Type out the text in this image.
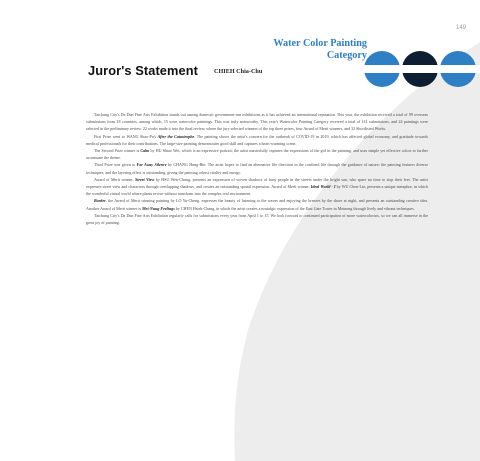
149
Water Color Painting
Category
Juror's Statement	CHIEH Chia-Chu

Taichung City's Da Dun Fine Arts Exhibition stands out among domestic government-run exhibitions as it has achieved an international reputation. This year, the exhibition received a total of 99 overseas submissions from 18 countries, among which, 15 were watercolor paintings. This was truly noteworthy. This year's Watercolor Painting Category received a total of 141 submissions, and 24 paintings were selected in the preliminary review. 22 works made it into the final review, where the jury selected winners of the top three prizes, four Award of Merit winners, and 32 Shortlisted Works.

First Prize went to WANG Shao-Pu's After the Catastrophe. The painting shows the artist's concern for the outbreak of COVID-19 in 2019, which has affected global economy, and gratitude towards medical professionals for their contributions. The large-size painting demonstrates good skill and captures a heart-warming scene.

The Second Prize winner is Calm by HU Shiao Wei, which is an expressive portrait; the artist masterfully captures the expressions of the girl in the painting, and uses simple yet effective colors to further accentuate the theme.

Third Prize was given to Far Away Silence by CHANG Hung-Bin. The artist hopes to find an alternative life direction in the confined life through the guidance of nature; the painting features diverse techniques, and the layering effect is outstanding, giving the painting robust vitality and energy.

Award of Merit winner, Street View by HSU Wen-Chung, presents an expression of woven shadows of busy people in the streets under the bright sun, who spare no time to stop their feet. The artist expresses street view and characters through overlapping shadows, and creates an outstanding spatial expression. Award of Merit winner, Ideal World - I by WU Chen-Lin, presents a unique metaphor, in which the wonderful virtual world where plants revive without transform into the complex real environment.

Border, the Award of Merit winning painting by LO Yu-Cheng, expresses the beauty of listening to the waves and enjoying the breezes by the shore at night, and presents an outstanding creative idea. Another Award of Merit winner is Mei-Nung Feelings by CHEN Hsieh-Chang, in which the artist creates a nostalgic expression of the East Gate Tower in Meinong through lively and vibrant techniques.

Taichung City's Da Dun Fine Arts Exhibition regularly calls for submissions every year from April 1 to 15. We look forward to continued participation of more watercolorists, so we can all immerse in the great joy of painting.
